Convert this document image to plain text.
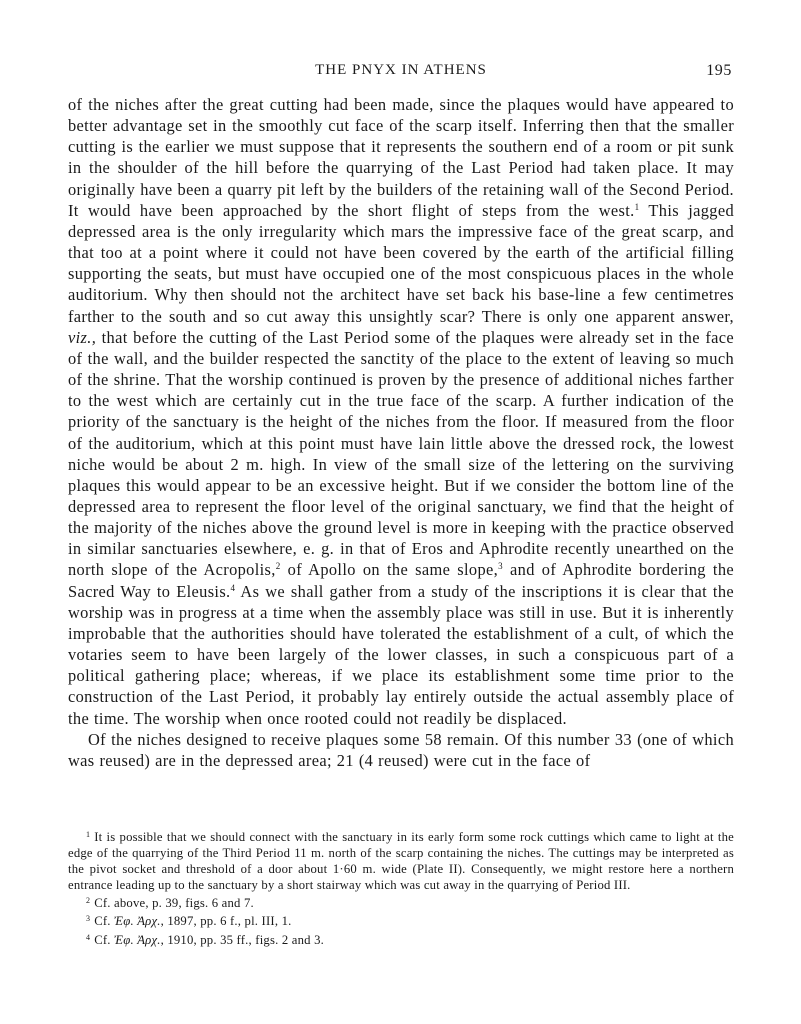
THE PNYX IN ATHENS	195

of the niches after the great cutting had been made, since the plaques would have appeared to better advantage set in the smoothly cut face of the scarp itself. Inferring then that the smaller cutting is the earlier we must suppose that it represents the southern end of a room or pit sunk in the shoulder of the hill before the quarrying of the Last Period had taken place. It may originally have been a quarry pit left by the builders of the retaining wall of the Second Period. It would have been approached by the short flight of steps from the west.$^1$ This jagged depressed area is the only irregularity which mars the impressive face of the great scarp, and that too at a point where it could not have been covered by the earth of the artificial filling supporting the seats, but must have occupied one of the most conspicuous places in the whole auditorium. Why then should not the architect have set back his base-line a few centimetres farther to the south and so cut away this unsightly scar? There is only one apparent answer, viz., that before the cutting of the Last Period some of the plaques were already set in the face of the wall, and the builder respected the sanctity of the place to the extent of leaving so much of the shrine. That the worship continued is proven by the presence of additional niches farther to the west which are certainly cut in the true face of the scarp. A further indication of the priority of the sanctuary is the height of the niches from the floor. If measured from the floor of the auditorium, which at this point must have lain little above the dressed rock, the lowest niche would be about 2 m. high. In view of the small size of the lettering on the surviving plaques this would appear to be an excessive height. But if we consider the bottom line of the depressed area to represent the floor level of the original sanctuary, we find that the height of the majority of the niches above the ground level is more in keeping with the practice observed in similar sanctuaries elsewhere, e. g. in that of Eros and Aphrodite recently unearthed on the north slope of the Acropolis,$^2$ of Apollo on the same slope,$^3$ and of Aphrodite bordering the Sacred Way to Eleusis.$^4$ As we shall gather from a study of the inscriptions it is clear that the worship was in progress at a time when the assembly place was still in use. But it is inherently improbable that the authorities should have tolerated the establishment of a cult, of which the votaries seem to have been largely of the lower classes, in such a conspicuous part of a political gathering place; whereas, if we place its establishment some time prior to the construction of the Last Period, it probably lay entirely outside the actual assembly place of the time. The worship when once rooted could not readily be displaced.

Of the niches designed to receive plaques some 58 remain. Of this number 33 (one of which was reused) are in the depressed area; 21 (4 reused) were cut in the face of

$^1$ It is possible that we should connect with the sanctuary in its early form some rock cuttings which came to light at the edge of the quarrying of the Third Period 11 m. north of the scarp containing the niches. The cuttings may be interpreted as the pivot socket and threshold of a door about 1·60 m. wide (Plate II). Consequently, we might restore here a northern entrance leading up to the sanctuary by a short stairway which was cut away in the quarrying of Period III.

$^2$ Cf. above, p. 39, figs. 6 and 7.

$^3$ Cf. Ἐφ. Ἀρχ., 1897, pp. 6 f., pl. III, 1.

$^4$ Cf. Ἐφ. Ἀρχ., 1910, pp. 35 ff., figs. 2 and 3.
